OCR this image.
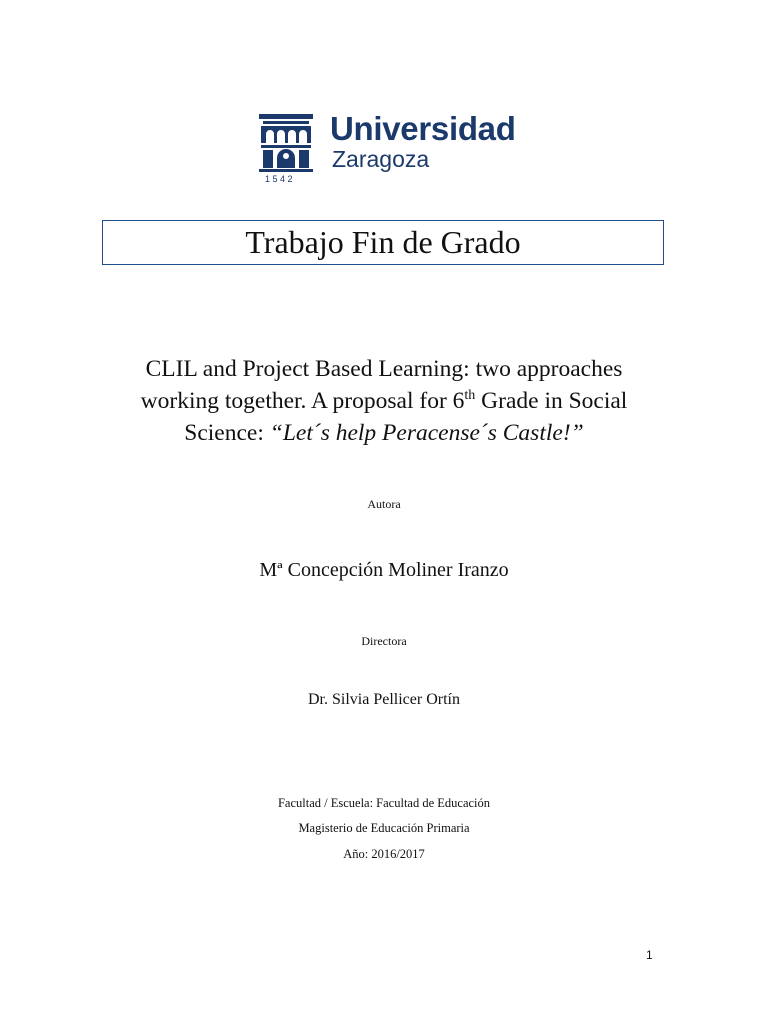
Universidad
Zaragoza
1542
Trabajo Fin de Grado
CLIL and Project Based Learning: two approaches
working together. A proposal for 6th Grade in Social
Science: “Let´s help Peracense´s Castle!”
Autora
Mª Concepción Moliner Iranzo
Directora
Dr. Silvia Pellicer Ortín
Facultad / Escuela: Facultad de Educación
Magisterio de Educación Primaria
Año: 2016/2017
1
